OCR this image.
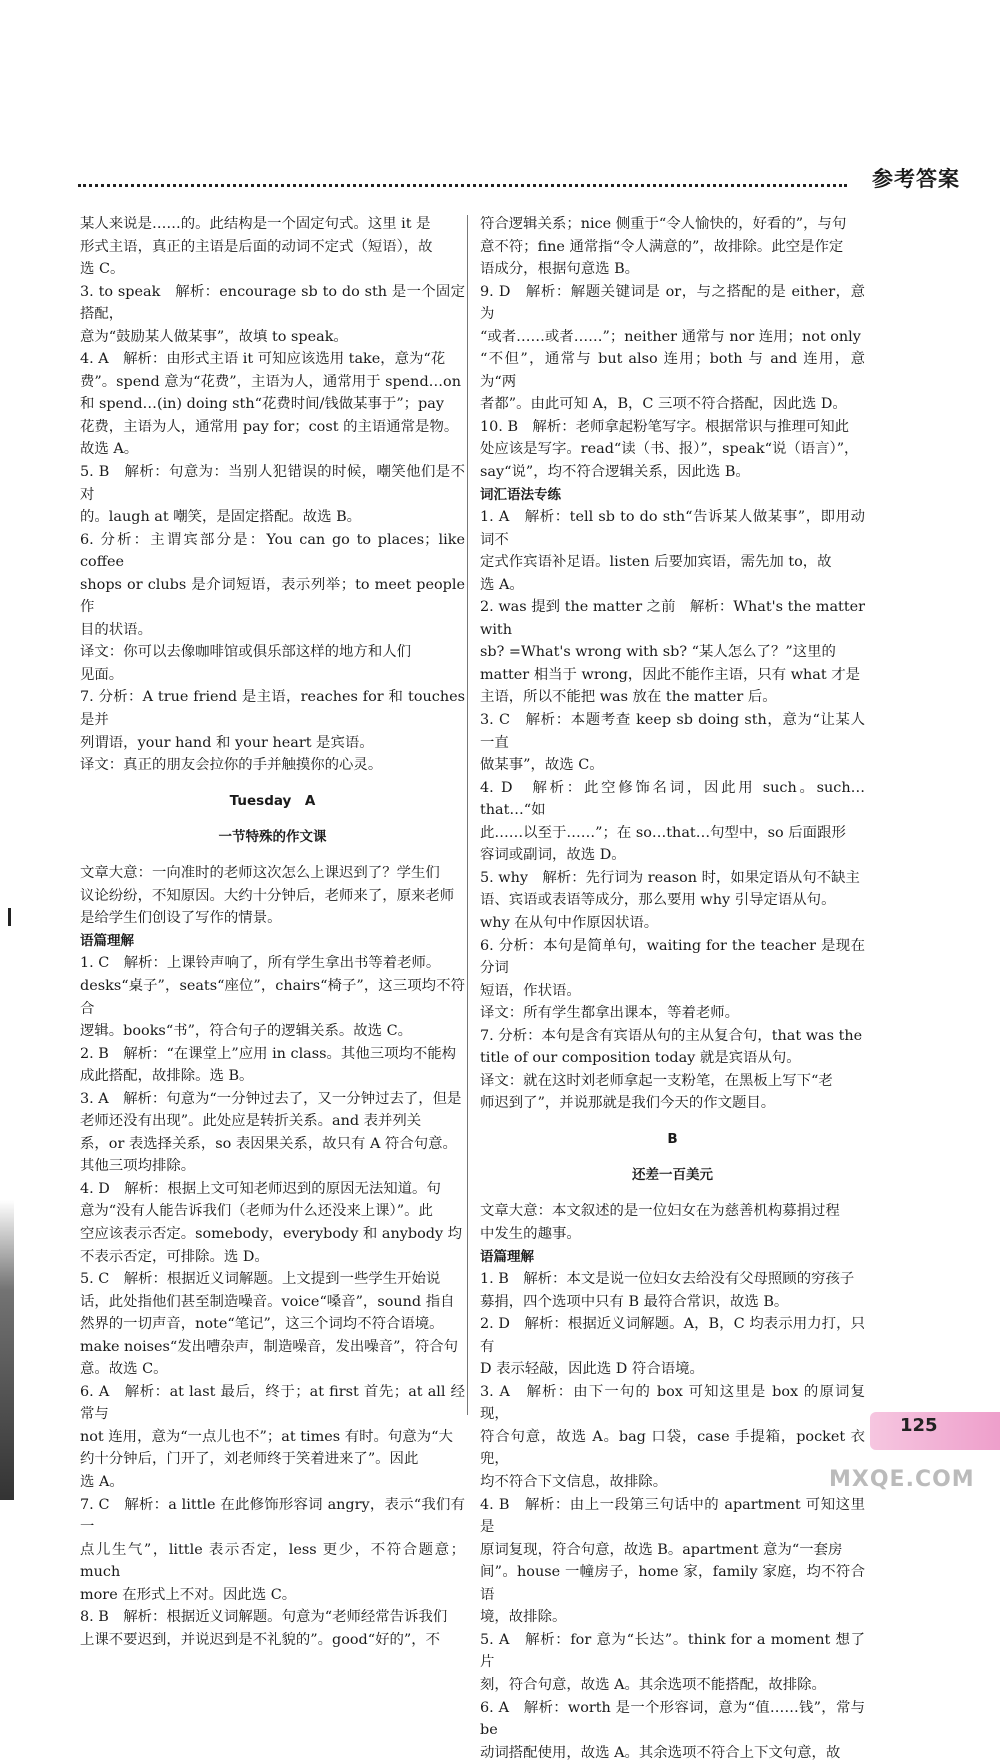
参考答案

某人来说是……的。此结构是一个固定句式。这里 it 是

形式主语，真正的主语是后面的动词不定式（短语），故

选 C。

3. to speak　解析：encourage sb to do sth 是一个固定搭配，

意为“鼓励某人做某事”，故填 to speak。

4. A　解析：由形式主语 it 可知应该选用 take，意为“花

费”。spend 意为“花费”，主语为人，通常用于 spend…on

和 spend…(in) doing sth“花费时间/钱做某事于”；pay

花费，主语为人，通常用 pay for；cost 的主语通常是物。

故选 A。

5. B　解析：句意为：当别人犯错误的时候，嘲笑他们是不对

的。laugh at 嘲笑，是固定搭配。故选 B。

6. 分析：主谓宾部分是：You can go to places；like coffee

shops or clubs 是介词短语，表示列举；to meet people 作

目的状语。

译文：你可以去像咖啡馆或俱乐部这样的地方和人们

见面。

7. 分析：A true friend 是主语，reaches for 和 touches 是并

列谓语，your hand 和 your heart 是宾语。

译文：真正的朋友会拉你的手并触摸你的心灵。

Tuesday　A

一节特殊的作文课

文章大意：一向准时的老师这次怎么上课迟到了？学生们

议论纷纷，不知原因。大约十分钟后，老师来了，原来老师

是给学生们创设了写作的情景。

语篇理解

1. C　解析：上课铃声响了，所有学生拿出书等着老师。

desks“桌子”，seats“座位”，chairs“椅子”，这三项均不符合

逻辑。books“书”，符合句子的逻辑关系。故选 C。

2. B　解析：“在课堂上”应用 in class。其他三项均不能构

成此搭配，故排除。选 B。

3. A　解析：句意为“一分钟过去了，又一分钟过去了，但是

老师还没有出现”。此处应是转折关系。and 表并列关

系，or 表选择关系，so 表因果关系，故只有 A 符合句意。

其他三项均排除。

4. D　解析：根据上文可知老师迟到的原因无法知道。句

意为“没有人能告诉我们（老师为什么还没来上课）”。此

空应该表示否定。somebody，everybody 和 anybody 均

不表示否定，可排除。选 D。

5. C　解析：根据近义词解题。上文提到一些学生开始说

话，此处指他们甚至制造噪音。voice“嗓音”，sound 指自

然界的一切声音，note“笔记”，这三个词均不符合语境。

make noises“发出嘈杂声，制造噪音，发出噪音”，符合句

意。故选 C。

6. A　解析：at last 最后，终于；at first 首先；at all 经常与

not 连用，意为“一点儿也不”；at times 有时。句意为“大

约十分钟后，门开了，刘老师终于笑着进来了”。因此

选 A。

7. C　解析：a little 在此修饰形容词 angry，表示“我们有一

点儿生气”，little 表示否定，less 更少，不符合题意；much

more 在形式上不对。因此选 C。

8. B　解析：根据近义词解题。句意为“老师经常告诉我们

上课不要迟到，并说迟到是不礼貌的”。good“好的”，不

符合逻辑关系；nice 侧重于“令人愉快的，好看的”，与句

意不符；fine 通常指“令人满意的”，故排除。此空是作定

语成分，根据句意选 B。

9. D　解析：解题关键词是 or，与之搭配的是 either，意为

“或者……或者……”；neither 通常与 nor 连用；not only

“不但”，通常与 but also 连用；both 与 and 连用，意为“两

者都”。由此可知 A，B，C 三项不符合搭配，因此选 D。

10. B　解析：老师拿起粉笔写字。根据常识与推理可知此

处应该是写字。read“读（书、报）”，speak“说（语言）”，

say“说”，均不符合逻辑关系，因此选 B。

词汇语法专练

1. A　解析：tell sb to do sth“告诉某人做某事”，即用动词不

定式作宾语补足语。listen 后要加宾语，需先加 to，故

选 A。

2. was 提到 the matter 之前　解析：What's the matter with

sb? =What's wrong with sb? “某人怎么了？”这里的

matter 相当于 wrong，因此不能作主语，只有 what 才是

主语，所以不能把 was 放在 the matter 后。

3. C　解析：本题考查 keep sb doing sth，意为“让某人一直

做某事”，故选 C。

4. D　解析：此空修饰名词，因此用 such。such…that…“如

此……以至于……”；在 so…that…句型中，so 后面跟形

容词或副词，故选 D。

5. why　解析：先行词为 reason 时，如果定语从句不缺主

语、宾语或表语等成分，那么要用 why 引导定语从句。

why 在从句中作原因状语。

6. 分析：本句是简单句，waiting for the teacher 是现在分词

短语，作状语。

译文：所有学生都拿出课本，等着老师。

7. 分析：本句是含有宾语从句的主从复合句，that was the

title of our composition today 就是宾语从句。

译文：就在这时刘老师拿起一支粉笔，在黑板上写下“老

师迟到了”，并说那就是我们今天的作文题目。

B

还差一百美元

文章大意：本文叙述的是一位妇女在为慈善机构募捐过程

中发生的趣事。

语篇理解

1. B　解析：本文是说一位妇女去给没有父母照顾的穷孩子

募捐，四个选项中只有 B 最符合常识，故选 B。

2. D　解析：根据近义词解题。A，B，C 均表示用力打，只有

D 表示轻敲，因此选 D 符合语境。

3. A　解析：由下一句的 box 可知这里是 box 的原词复现，

符合句意，故选 A。bag 口袋，case 手提箱，pocket 衣兜，

均不符合下文信息，故排除。

4. B　解析：由上一段第三句话中的 apartment 可知这里是

原词复现，符合句意，故选 B。apartment 意为“一套房

间”。house 一幢房子，home 家，family 家庭，均不符合语

境，故排除。

5. A　解析：for 意为“长达”。think for a moment 想了片

刻，符合句意，故选 A。其余选项不能搭配，故排除。

6. A　解析：worth 是一个形容词，意为“值……钱”，常与 be

动词搭配使用，故选 A。其余选项不符合上下文句意，故

125
MXQE.COM
